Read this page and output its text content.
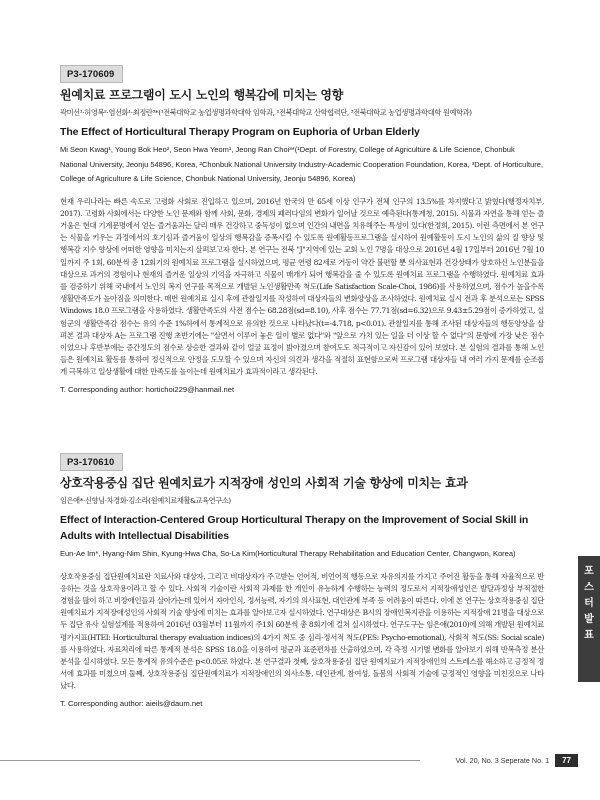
P3-170609
원예치료 프로그램이 도시 노인의 행복감에 미치는 영향
곽미선¹·허영복²·염선화¹·최정란³*(¹전북대학교 농업생명과학대학 임학과, ²전북대학교 산학협력단, ³전북대학교 농업생명과학대학 원예학과)
The Effect of Horticultural Therapy Program on Euphoria of Urban Elderly
Mi Seon Kwag¹, Young Bok Heo², Seon Hwa Yeom¹, Jeong Ran Choi³*(¹Dept. of Forestry, College of Agriculture & Life Science, Chonbuk National University, Jeonju 54896, Korea, ²Chonbuk National University Industry-Academic Cooperation Foundation, Korea, ³Dept. of Horticulture, College of Agriculture & Life Science, Chonbuk National University, Jeonju 54896, Korea)
현재 우리나라는 빠른 속도로 고령화 사회로 진입하고 있으며, 2016년 한국의 만 65세 이상 인구가 전체 인구의 13.5%를 차지했다고 밝혔다(행정자치부, 2017). 고령화 사회에서는 다양한 노인 문제와 함께 사회, 문화, 경제의 패러다임의 변화가 일어날 것으로 예측된다(통계청, 2015). 식물과 자연을 통해 얻는 즐거움은 현대 기계문명에서 얻는 즐거움과는 달리 매우 건강하고 중독성이 없으며 인간의 내면을 치유해주는 특성이 있다(한정희, 2015). 이런 측면에서 본 연구는 식물을 키우는 과정에서의 호기심과 즐거움이 일상의 행복감을 증폭시킬 수 있도록 원예활동프로그램을 실시하여 원예활동이 도시 노인의 삶의 질 향상 및 행복감 지수 향상에 어떠한 영향을 미치는지 살펴보고자 한다. 본 연구는 전북 "J"지역에 있는 교회 노인 7명을 대상으로 2016년 4월 17일부터 2016년 7월 10일까지 주 1회, 60분씩 총 12회기의 원예치료 프로그램을 실시하였으며, 평균 연령 82세로 거동이 약간 불편할 뿐 의사표현과 건강상태가 양호하신 노인분들을 대상으로 과거의 경험이나 현재의 즐거운 일상의 기억을 자극하고 식물이 매개가 되어 행복감을 줄 수 있도록 원예치료 프로그램을 수행하였다. 원예치료 효과를 검증하기 위해 국내에서 노인의 복지 연구를 목적으로 개발된 노인생활만족 척도(Life Satisfaction Scale-Choi, 1986)를 사용하였으며, 점수가 높을수록 생활만족도가 높아짐을 의미한다. 매번 원예치료 실시 후에 관찰일지를 작성하여 대상자들의 변화양상을 조사하였다. 원예치료 실시 전과 후 분석으로는 SPSS Windows 18.0 프로그램을 사용하였다. 생활만족도의 사전 점수는 68.28점(sd=8.10), 사후 점수는 77.71점(sd=6.32)으로 9.43±5.29점이 증가하였고, 실험군의 생활만족감 점수는 유의 수준 1%하에서 통계적으로 유의한 것으로 나타났다(t=-4.718, p<0.01). 관찰일지를 통해 조사된 대상자들의 행동양상을 살펴본 결과 대상자 A는 프로그램 진행 초반기에는 "살면서 이루어 놓은 일이 별로 없다"와 "앞으로 가치 있는 일을 더 이상 할 수 없다"의 문항에 가장 낮은 점수이었으나 후반부에는 증간정도의 점수로 상승한 결과와 같이 얼굴 표정이 밝아졌으며 참여도도 적극적이고 자신감이 있어 보였다. 본 실험의 결과를 통해 노인들은 원예치료 활동를 통하여 정신적으로 안정을 도모할 수 있으며 자신의 의견과 생각을 적절히 표현함으로써 프로그램 대상자들 내 여러 가지 문제를 순조롭게 극복하고 일상생활에 대한 만족도를 높이는데 원예치료가 효과적이라고 생각된다.
T. Corresponding author: hortichoi229@hanmail.net
P3-170610
상호작용중심 집단 원예치료가 지적장애 성인의 사회적 기술 향상에 미치는 효과
임은애*·신향님·차경화·김소라(원예치료재활&교육연구소)
Effect of Interaction-Centered Group Horticultural Therapy on the Improvement of Social Skill in Adults with Intellectual Disabilities
Eun-Ae Im*, Hyang-Nim Shin, Kyung-Hwa Cha, So-La Kim(Horticultural Therapy Rehabilitation and Education Center, Changwon, Korea)
상호작용중심 집단원예치료란 치료사와 대상자, 그리고 비대상자가 주고받는 언어적, 비언어적 행동으로 자유의지를 가지고 주어진 활동을 통해 자율적으로 반응하는 것을 상호작용이라고 할 수 있다. 사회적 기술이란 사회적 과제를 한 개인이 유능하게 수행하는 능력의 정도로서 지적장애성인은 발달과정상 부적절한 경험을 많이 하고 비장애인들과 살아가는데 있어서 자아인식, 정서능력, 자기의 의사표현, 대인관계 부족 등 어려움이 따른다. 이에 본 연구는 상호작용중심 집단 원예치료가 지적장애성인의 사회적 기술 향상에 미치는 효과를 알아보고자 실시하였다. 연구대상은 B시의 장애인복지관을 이용하는 지적장애 21명을 대상으로 두 집단 유사 실험설계를 적용하여 2016년 03월부터 11월까지 주1회 60분씩 총 8회기에 걸쳐 실시하였다. 연구도구는 임은애(2010)에 의해 개발된 원예치료 평가지표(HTEI: Horticultural therapy evaluation indices)의 4가지 척도 중 심리-정서적 척도(PES: Psycho-emotional), 사회적 척도(SS: Social scale)를 사용하였다. 자료처리에 따른 통계적 분석은 SPSS 18.0을 이용하여 평균과 표준편차를 산출하였으며, 각 측정 시기별 변화를 알아보기 위해 반복측정 분산분석을 실시하였다. 모든 통계적 유의수준은 p<0.05로 하였다. 본 연구결과 첫째, 상호작용중심 집단 원예치료가 지적장애인의 스트레스를 해소하고 긍정적 정서에 효과를 미쳤으며 둘째, 상호작용중심 집단원예치료가 지적장애인의 의사소통, 대인관계, 참여성, 돌봄의 사회적 기술에 긍정적인 영향을 미친것으로 나타났다.
T. Corresponding author: aieils@daum.net
포
스
터
발
표
Vol. 20, No. 3 Seperate No. 1	77
